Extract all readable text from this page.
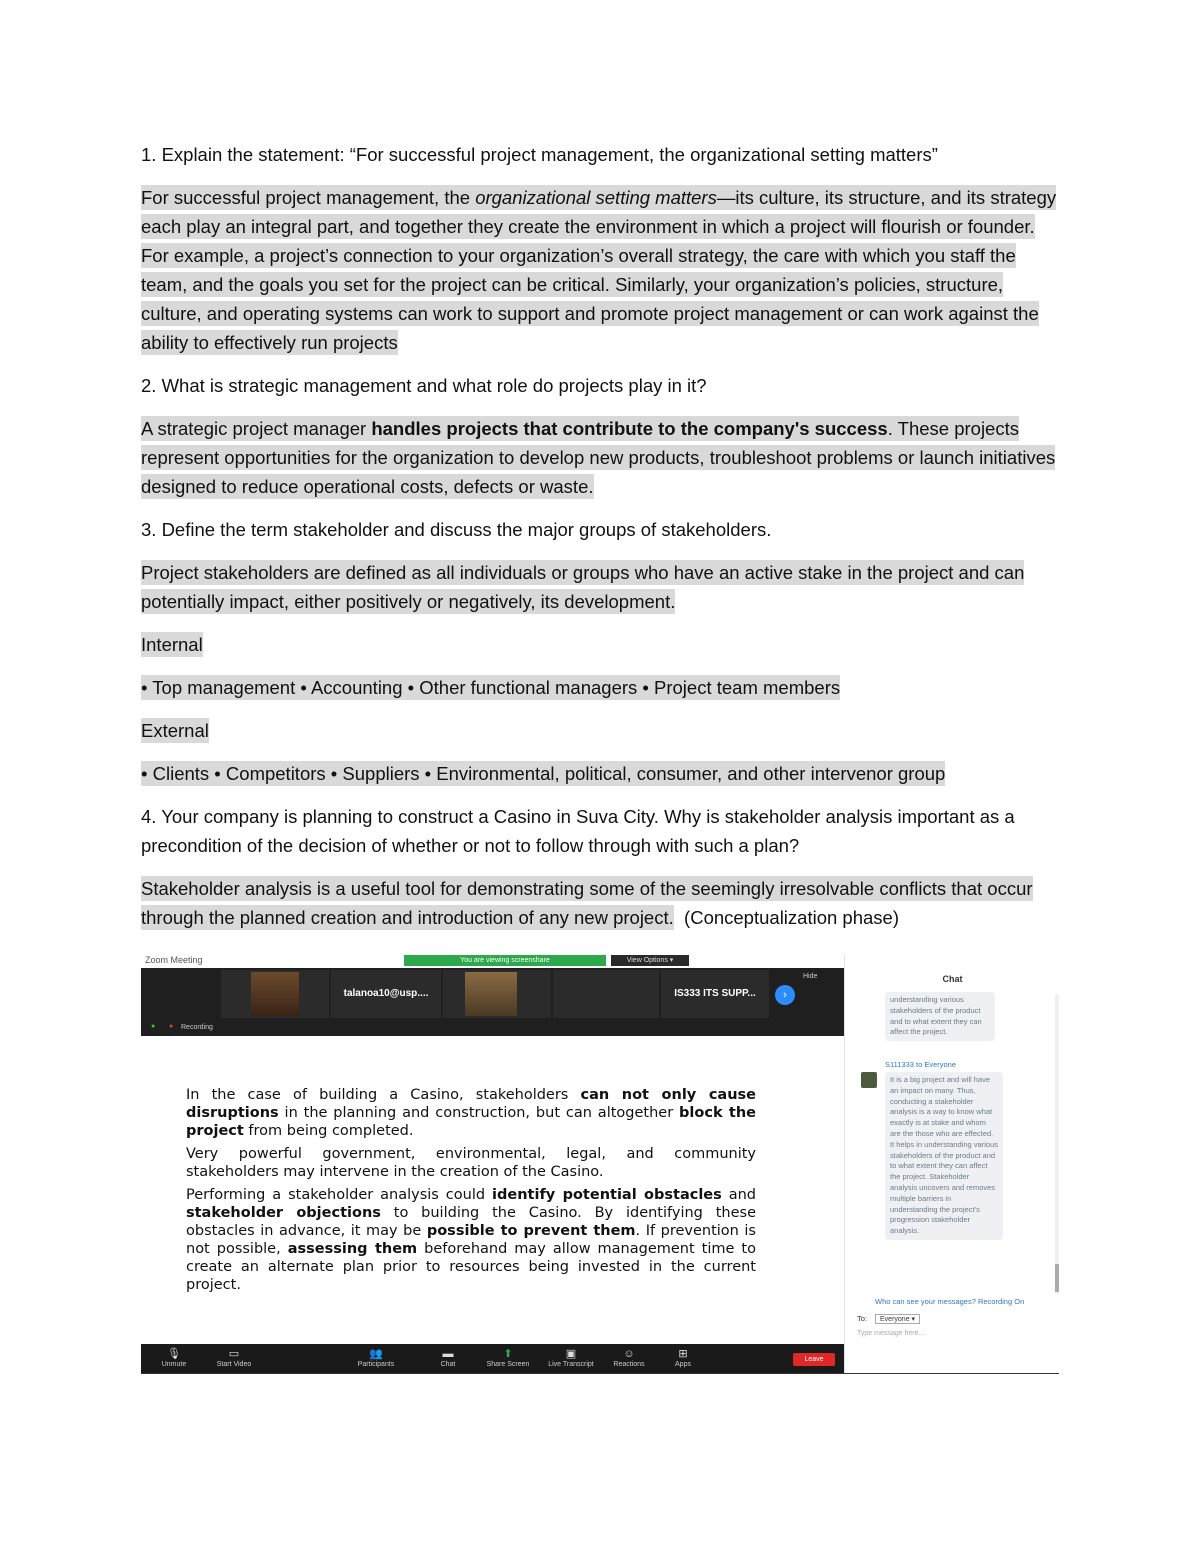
1. Explain the statement: “For successful project management, the organizational setting matters”

For successful project management, the organizational setting matters—its culture, its structure, and its strategy each play an integral part, and together they create the environment in which a project will flourish or founder. For example, a project’s connection to your organization’s overall strategy, the care with which you staff the team, and the goals you set for the project can be critical. Similarly, your organization’s policies, structure, culture, and operating systems can work to support and promote project management or can work against the ability to effectively run projects

2. What is strategic management and what role do projects play in it?

A strategic project manager handles projects that contribute to the company's success. These projects represent opportunities for the organization to develop new products, troubleshoot problems or launch initiatives designed to reduce operational costs, defects or waste.

3. Define the term stakeholder and discuss the major groups of stakeholders.

Project stakeholders are defined as all individuals or groups who have an active stake in the project and can potentially impact, either positively or negatively, its development.

Internal

• Top management • Accounting • Other functional managers • Project team members

External

• Clients • Competitors • Suppliers • Environmental, political, consumer, and other intervenor group

4. Your company is planning to construct a Casino in Suva City. Why is stakeholder analysis important as a precondition of the decision of whether or not to follow through with such a plan?

Stakeholder analysis is a useful tool for demonstrating some of the seemingly irresolvable conflicts that occur through the planned creation and introduction of any new project. (Conceptualization phase)

Zoom Meeting	You are viewing screenshare	View Options ▾
talanoa10@usp....	IS333 ITS SUPP...	›
Hide
● ● Recording

In the case of building a Casino, stakeholders can not only cause disruptions in the planning and construction, but can altogether block the project from being completed.

Very powerful government, environmental, legal, and community stakeholders may intervene in the creation of the Casino.

Performing a stakeholder analysis could identify potential obstacles and stakeholder objections to building the Casino. By identifying these obstacles in advance, it may be possible to prevent them. If prevention is not possible, assessing them beforehand may allow management time to create an alternate plan prior to resources being invested in the current project.

🎙
Unmute
▭
Start Video
👥
Participants
▬
Chat
⬆
Share Screen
▣
Live Transcript
☺
Reactions
⊞
Apps
Leave
Chat
understanding various stakeholders of the product and to what extent they can affect the project.
S111333 to Everyone
It is a big project and will have an impact on many. Thus, conducting a stakeholder analysis is a way to know what exactly is at stake and whom are the those who are effected. It helps in understanding various stakeholders of the product and to what extent they can affect the project. Stakeholder analysis uncovers and removes multiple barriers in understanding the project's progression stakeholder analysis.
Who can see your messages? Recording On
To: Everyone ▾
Type message here...
